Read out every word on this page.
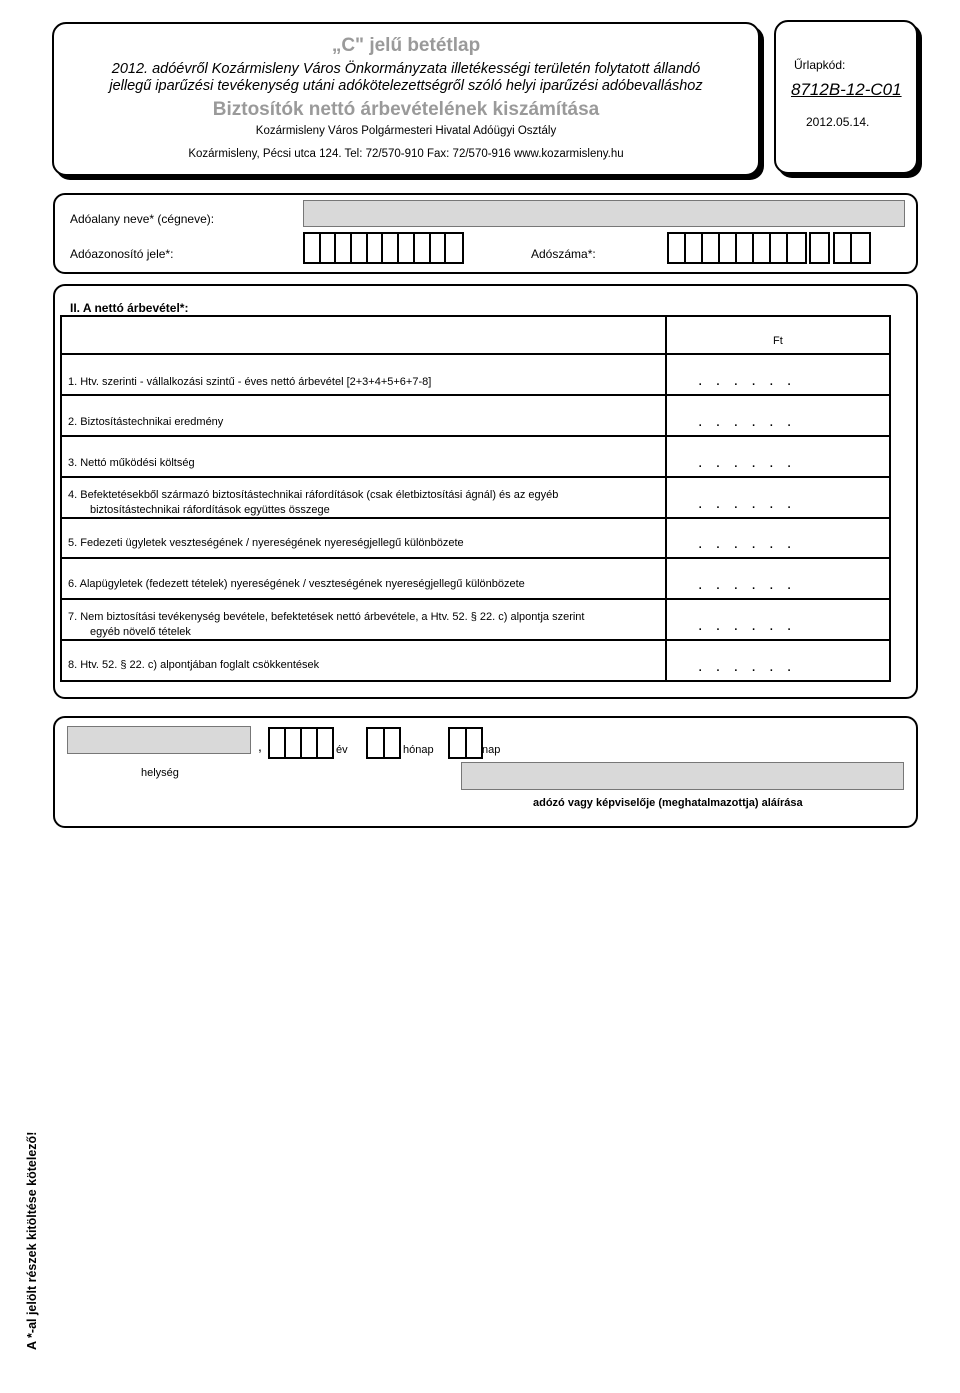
„C" jelű betétlap
2012. adóévről Kozármisleny Város Önkormányzata illetékességi területén folytatott állandó
jellegű iparűzési tevékenység utáni adókötelezettségről szóló helyi iparűzési adóbevalláshoz
Biztosítók nettó árbevételének kiszámítása
Kozármisleny Város Polgármesteri Hivatal Adóügyi Osztály
Kozármisleny, Pécsi utca 124. Tel: 72/570-910 Fax: 72/570-916 www.kozarmisleny.hu
Űrlapkód:
8712B-12-C01
2012.05.14.
Adóalany neve* (cégneve):
Adóazonosító jele*:	Adószáma*:
II. A nettó árbevétel*:
Ft
1. Htv. szerinti - vállalkozási szintű - éves nettó árbevétel [2+3+4+5+6+7-8]	.   .   .   .   .   .
2. Biztosítástechnikai eredmény	.   .   .   .   .   .
3. Nettó működési költség	.   .   .   .   .   .
4. Befektetésekből származó biztosítástechnikai ráfordítások (csak életbiztosítási ágnál) és az egyéb
biztosítástechnikai ráfordítások együttes összege	.   .   .   .   .   .
5. Fedezeti ügyletek veszteségének / nyereségének nyereségjellegű különbözete	.   .   .   .   .   .
6. Alapügyletek (fedezett tételek) nyereségének / veszteségének nyereségjellegű különbözete	.   .   .   .   .   .
7. Nem biztosítási tevékenység bevétele, befektetések nettó árbevétele, a Htv. 52. § 22. c) alpontja szerint
egyéb növelő tételek	.   .   .   .   .   .
8. Htv. 52. § 22. c) alpontjában foglalt csökkentések	.   .   .   .   .   .
,	év	hónap	nap
helység
adózó vagy képviselője (meghatalmazottja) aláírása
A *-al jelölt részek kitöltése kötelező!
